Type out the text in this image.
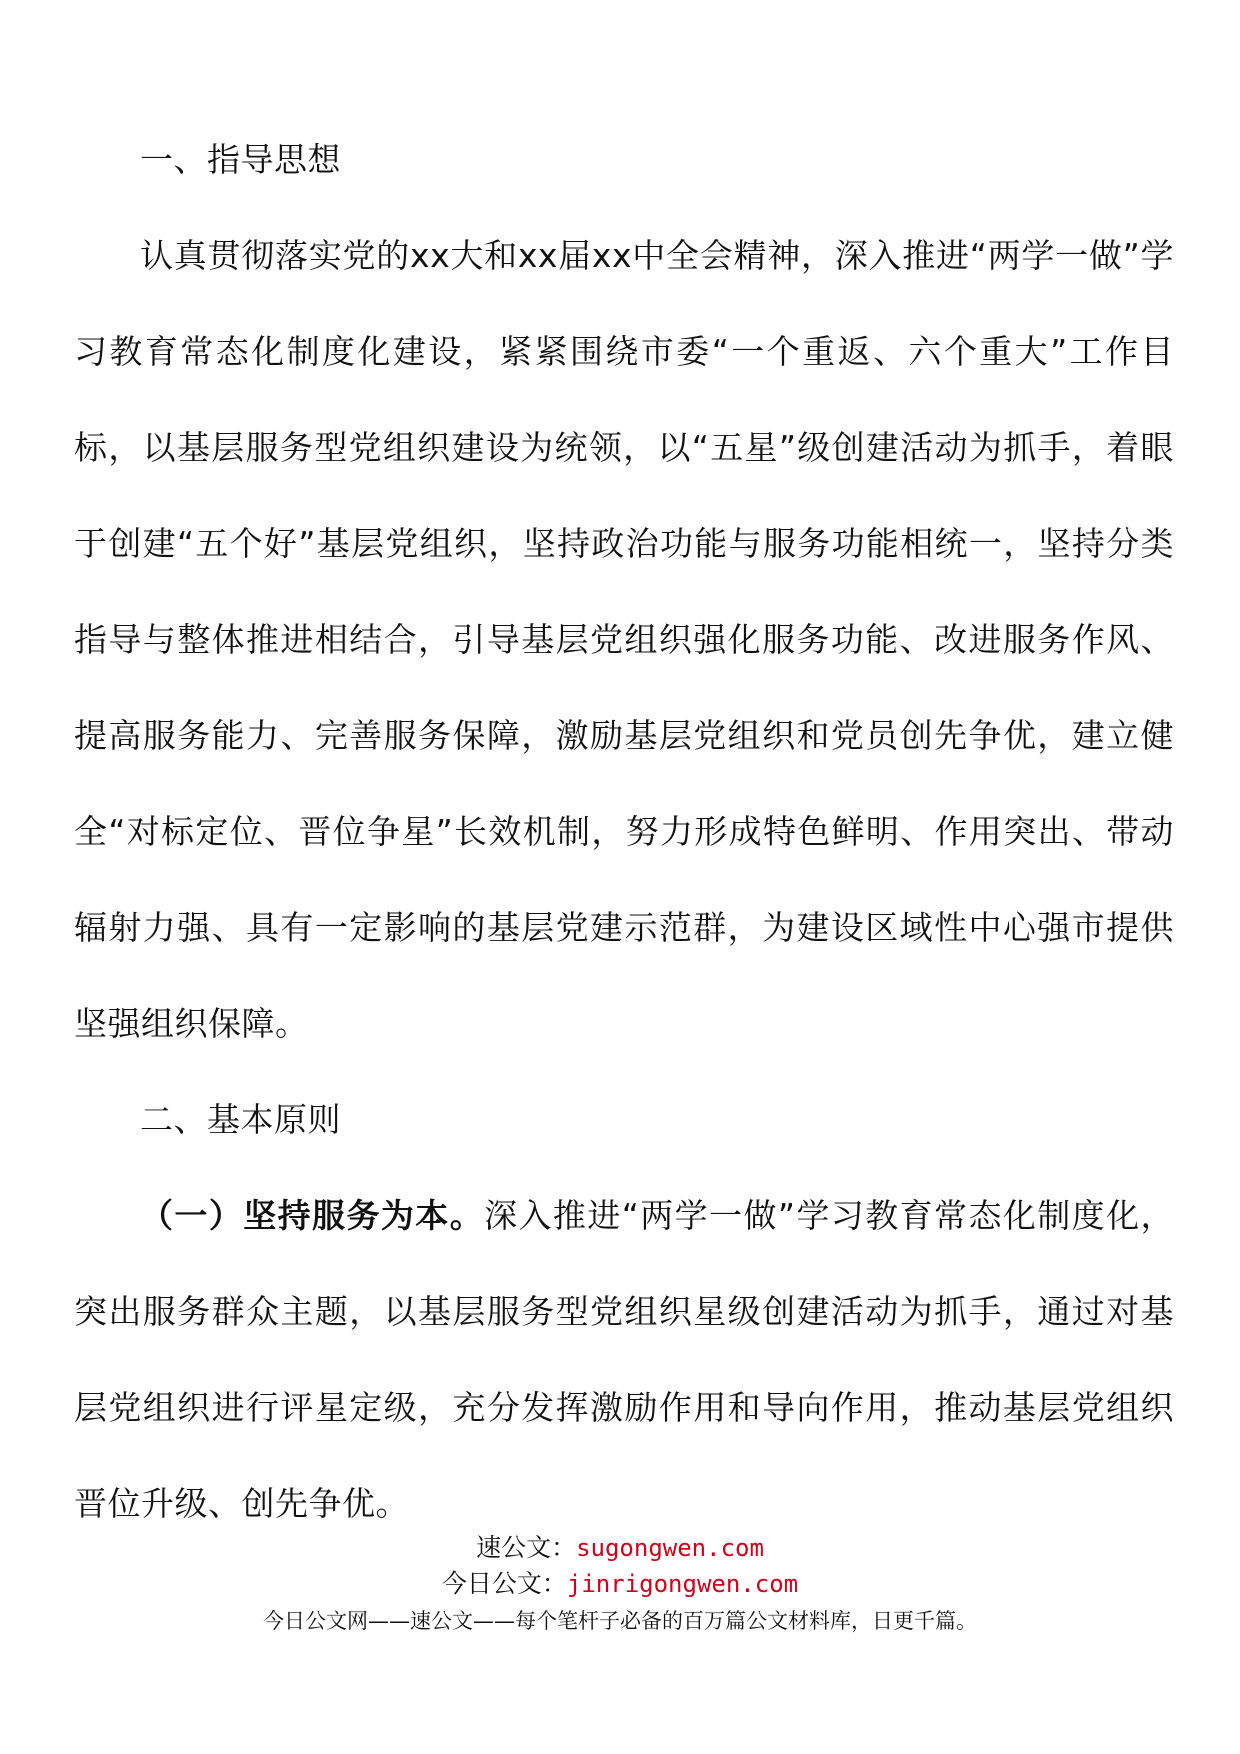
一、指导思想

认真贯彻落实党的xx大和xx届xx中全会精神，深入推进“两学一做”学习教育常态化制度化建设，紧紧围绕市委“一个重返、六个重大”工作目标，以基层服务型党组织建设为统领，以“五星”级创建活动为抓手，着眼于创建“五个好”基层党组织，坚持政治功能与服务功能相统一，坚持分类指导与整体推进相结合，引导基层党组织强化服务功能、改进服务作风、提高服务能力、完善服务保障，激励基层党组织和党员创先争优，建立健全“对标定位、晋位争星”长效机制，努力形成特色鲜明、作用突出、带动辐射力强、具有一定影响的基层党建示范群，为建设区域性中心强市提供坚强组织保障。

二、基本原则

（一）坚持服务为本。深入推进“两学一做”学习教育常态化制度化，突出服务群众主题，以基层服务型党组织星级创建活动为抓手，通过对基层党组织进行评星定级，充分发挥激励作用和导向作用，推动基层党组织晋位升级、创先争优。

速公文：sugongwen.com
今日公文：jinrigongwen.com
今日公文网——速公文——每个笔杆子必备的百万篇公文材料库，日更千篇。
